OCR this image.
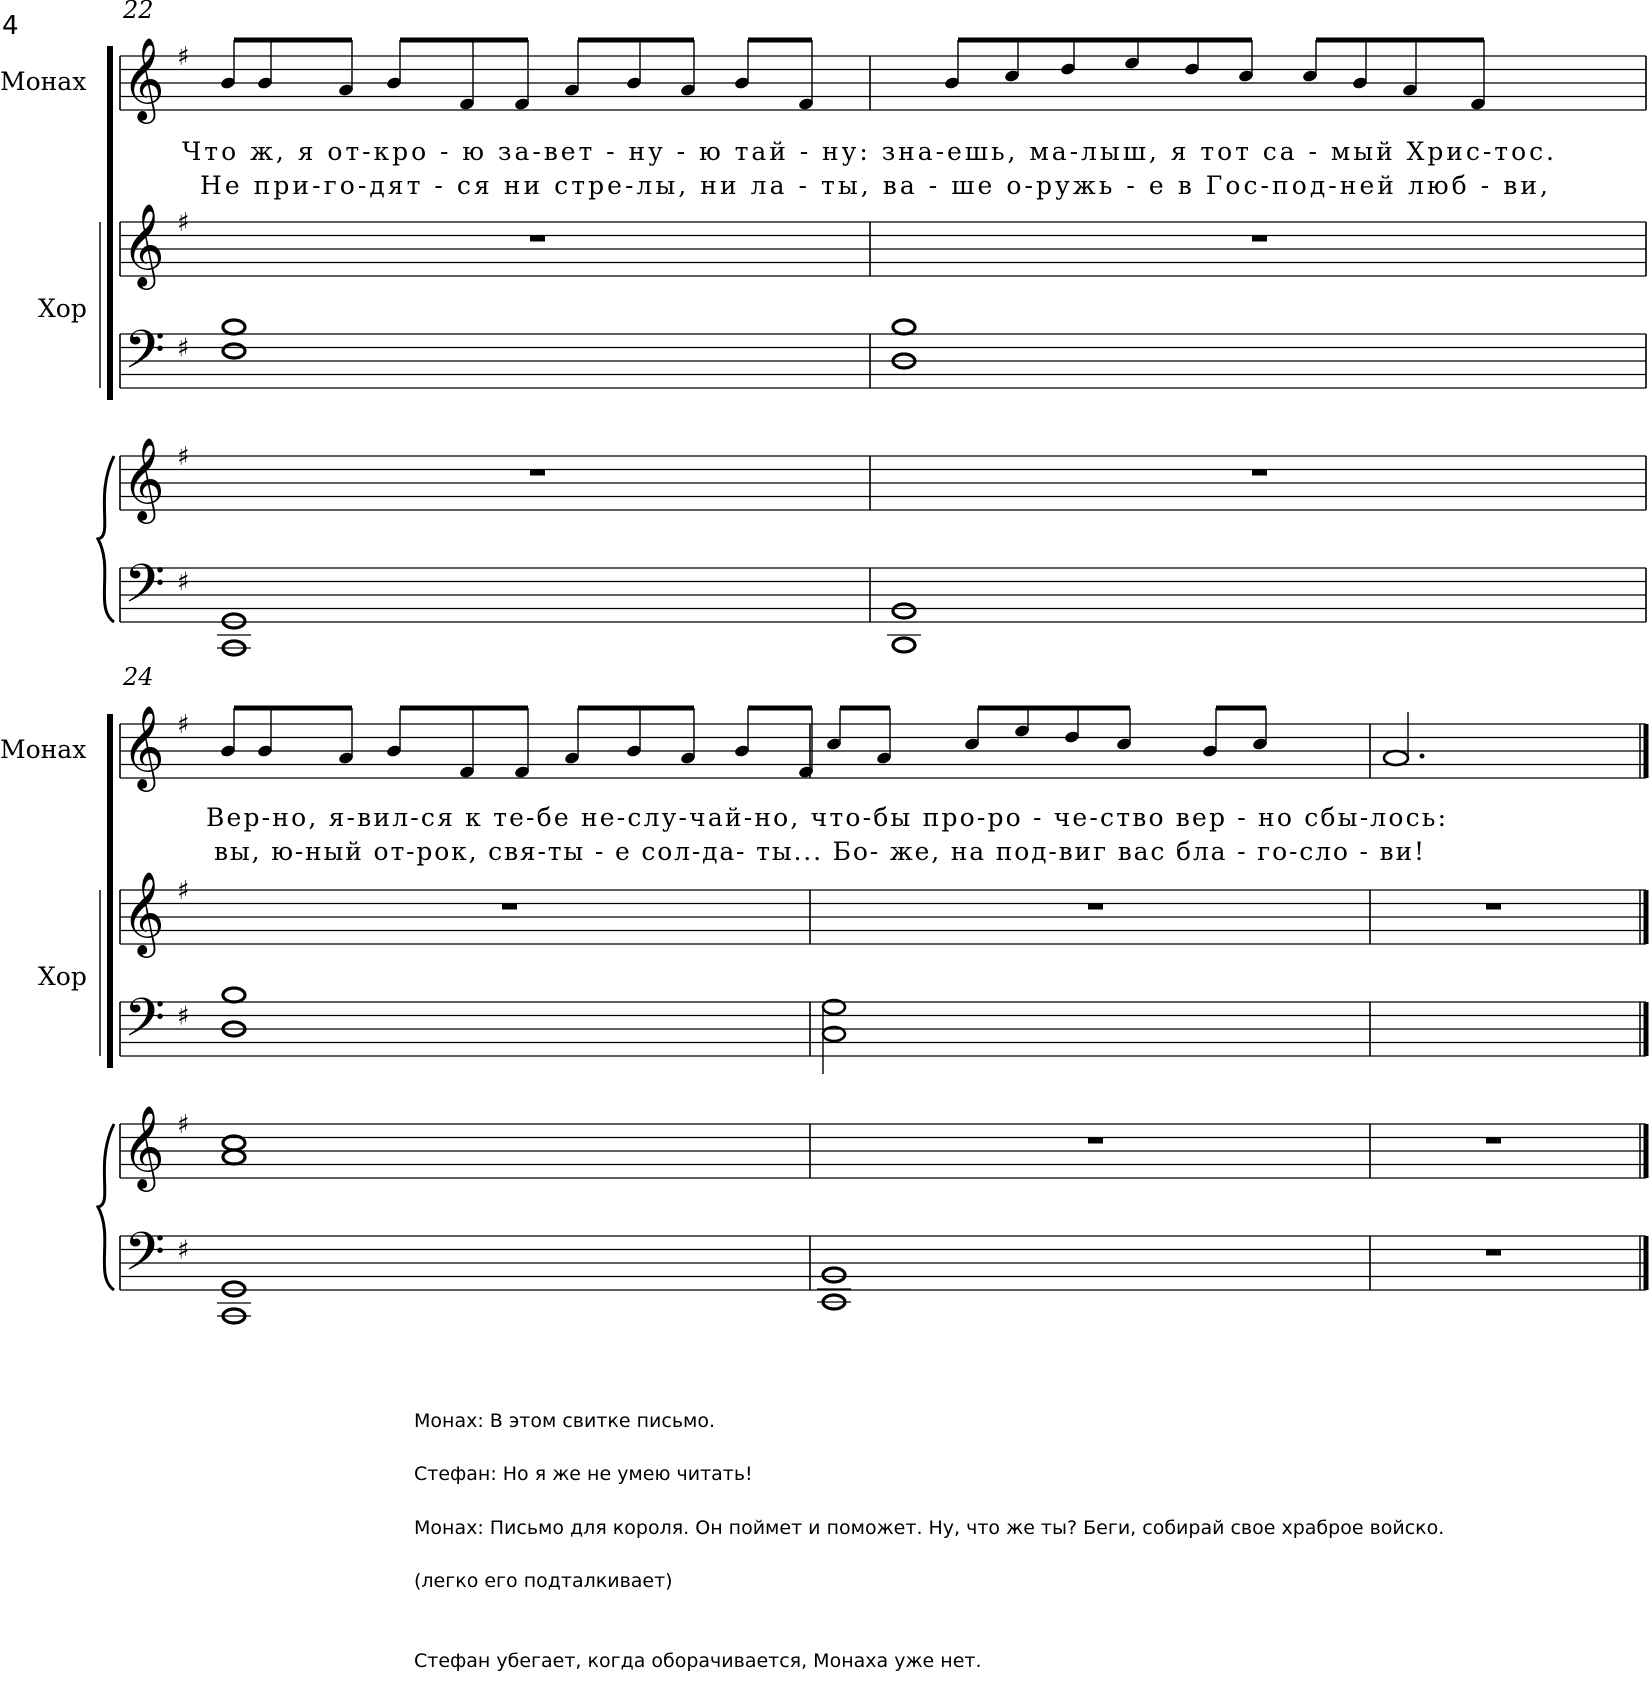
4
𝄞 ♯
𝄞 ♯
𝄢 ♯
𝄞 ♯
𝄢 ♯
𝄞 ♯
𝄞 ♯
𝄢 ♯
𝄞 ♯
𝄢 ♯
22
Монах
Хор
Что ж, я от-кро - ю за-вет - ну - ю тай - ну: зна-ешь, ма-лыш, я тот са - мый Хрис-тос.
Не при-го-дят - ся ни стре-лы, ни ла - ты, ва - ше о-ружь - е в Гос-под-ней люб - ви,
24
Монах
Хор
Вер-но, я-вил-ся к те-бе не-слу-чай-но, что-бы про-ро - че-ство вер - но сбы-лось:
вы, ю-ный от-рок, свя-ты - е сол-да- ты... Бо- же, на под-виг вас бла - го-сло - ви!

Монах: В этом свитке письмо.

Стефан: Но я же не умею читать!

Монах: Письмо для короля. Он поймет и поможет. Ну, что же ты? Беги, собирай свое храброе войско.

(легко его подталкивает)

Стефан убегает, когда оборачивается, Монаха уже нет.
